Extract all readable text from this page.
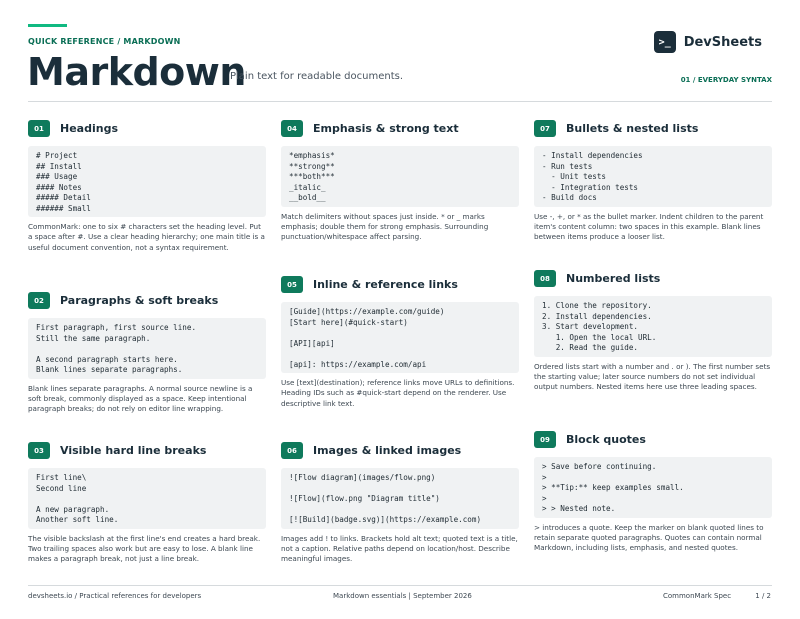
QUICK REFERENCE / MARKDOWN
Markdown
Plain text for readable documents.
>_ DevSheets
01 / EVERYDAY SYNTAX
01	Headings
# Project
## Install
### Usage
#### Notes
##### Detail
###### Small
CommonMark: one to six # characters set the heading level. Put a space after #. Use a clear heading hierarchy; one main title is a useful document convention, not a syntax requirement.
02	Paragraphs & soft breaks
First paragraph, first source line.
Still the same paragraph.

A second paragraph starts here.
Blank lines separate paragraphs.
Blank lines separate paragraphs. A normal source newline is a soft break, commonly displayed as a space. Keep intentional paragraph breaks; do not rely on editor line wrapping.
03	Visible hard line breaks
First line\
Second line

A new paragraph.
Another soft line.
The visible backslash at the first line's end creates a hard break. Two trailing spaces also work but are easy to lose. A blank line makes a paragraph break, not just a line break.
04	Emphasis & strong text
*emphasis*
**strong**
***both***
_italic_
__bold__
Match delimiters without spaces just inside. * or _ marks emphasis; double them for strong emphasis. Surrounding punctuation/whitespace affect parsing.
05	Inline & reference links
[Guide](https://example.com/guide)
[Start here](#quick-start)

[API][api]

[api]: https://example.com/api
Use [text](destination); reference links move URLs to definitions. Heading IDs such as #quick-start depend on the renderer. Use descriptive link text.
06	Images & linked images
![Flow diagram](images/flow.png)

![Flow](flow.png "Diagram title")

[![Build](badge.svg)](https://example.com)
Images add ! to links. Brackets hold alt text; quoted text is a title, not a caption. Relative paths depend on location/host. Describe meaningful images.
07	Bullets & nested lists
- Install dependencies
- Run tests
- Unit tests
- Integration tests
- Build docs
Use -, +, or * as the bullet marker. Indent children to the parent item's content column: two spaces in this example. Blank lines between items produce a looser list.
08	Numbered lists
1. Clone the repository.
2. Install dependencies.
3. Start development.
1. Open the local URL.
2. Read the guide.
Ordered lists start with a number and . or ). The first number sets the starting value; later source numbers do not set individual output numbers. Nested items here use three leading spaces.
09	Block quotes
> Save before continuing.
>
> **Tip:** keep examples small.
>
> > Nested note.
> introduces a quote. Keep the marker on blank quoted lines to retain separate quoted paragraphs. Quotes can contain normal Markdown, including lists, emphasis, and nested quotes.
devsheets.io / Practical references for developers	Markdown essentials | September 2026	CommonMark Spec	1 / 2
